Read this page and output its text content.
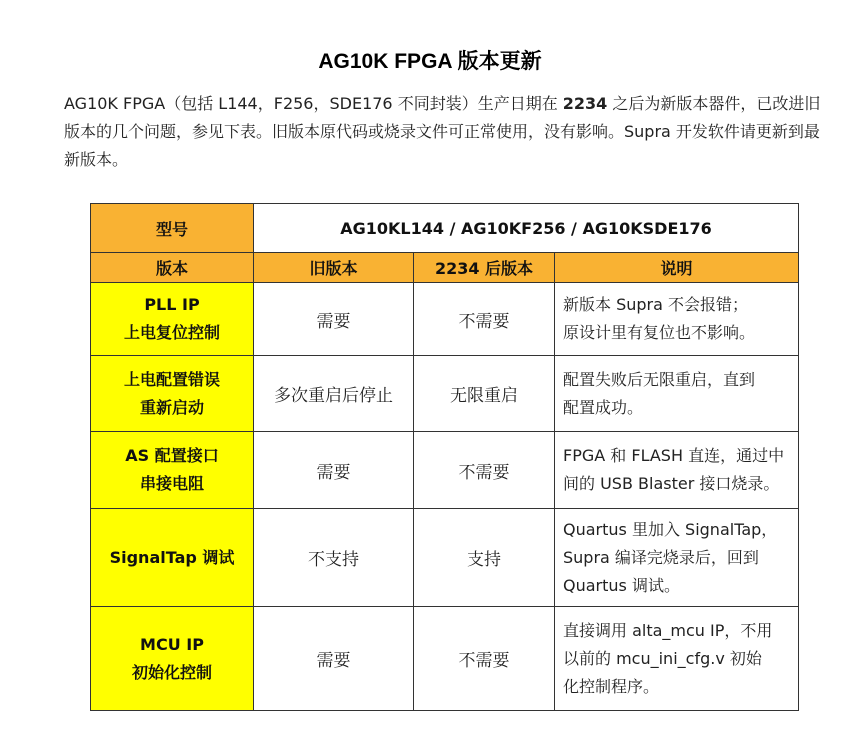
AG10K FPGA 版本更新
AG10K FPGA（包括 L144，F256，SDE176 不同封装）生产日期在 2234 之后为新版本器件，已改进旧版本的几个问题，参见下表。旧版本原代码或烧录文件可正常使用，没有影响。Supra 开发软件请更新到最新版本。
型号	AG10KL144 / AG10KF256 / AG10KSDE176		
版本	旧版本	2234 后版本	说明

PLL IP
上电复位控制	需要	不需要	新版本 Supra 不会报错；
原设计里有复位也不影响。

上电配置错误
重新启动	多次重启后停止	无限重启	配置失败后无限重启，直到
配置成功。

AS 配置接口
串接电阻	需要	不需要	FPGA 和 FLASH 直连，通过中
间的 USB Blaster 接口烧录。

SignalTap 调试	不支持	支持	Quartus 里加入 SignalTap，
Supra 编译完烧录后，回到
Quartus 调试。

MCU IP
初始化控制	需要	不需要	直接调用 alta_mcu IP，不用
以前的 mcu_ini_cfg.v 初始
化控制程序。
